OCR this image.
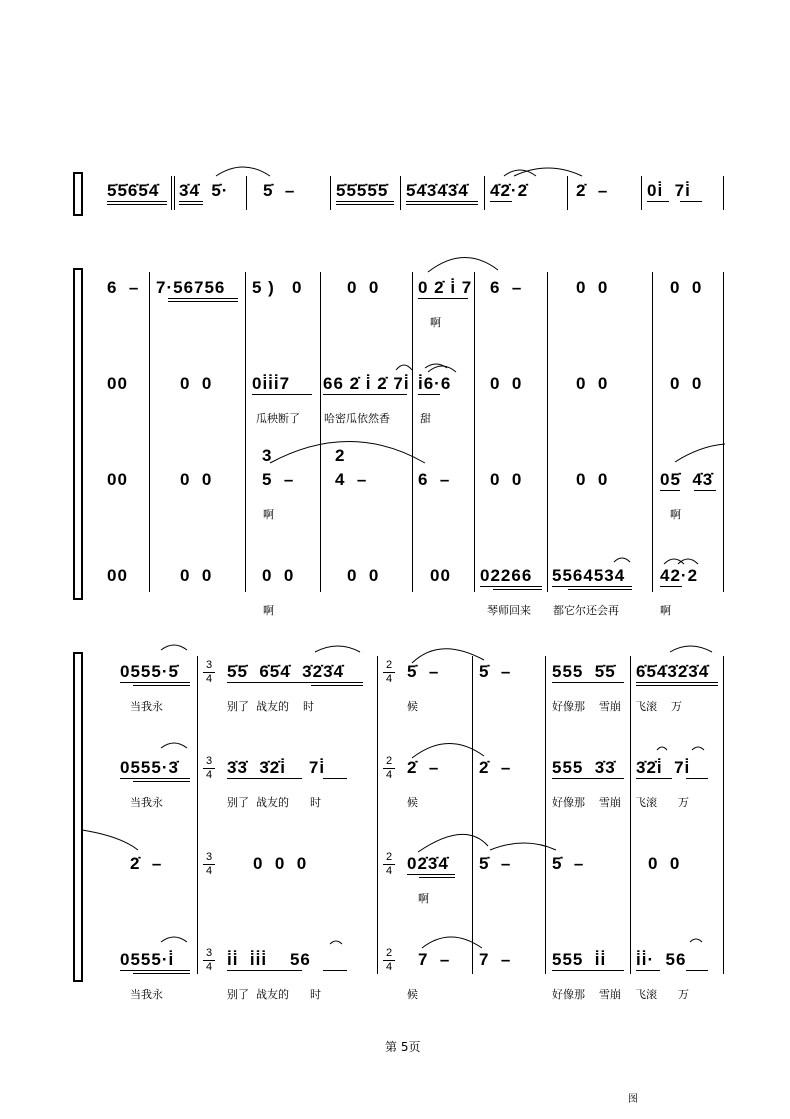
5̇5̇6̇5̇4̇ 3̇4̇  5̇· 5̇  – 5̇5̇5̇5̇5̇ 5̇4̇3̇4̇3̇4̇ 4̇2̇·2̇	2̇  – 0i̇  7i̇
6  – 7·56756 5 )   0	0  0 0 2̇ i̇ 7 6  –	0  0	0  0
啊
00	0  0 0i̇i̇i̇7 66 2̇ i̇ 2̇ 7i̇ i̇6·6 0  0	0  0	0  0
瓜秧断了 哈密瓜依然香	甜
3	2
00	0  0	5  – 4  –	6  – 0  0	0  0	05̇  4̇3̇
啊	啊
00	0  0	0  0	0  0	00 02266 5564534 42·2
啊	琴师回来 都它尔还会再	啊
3
4
3
4
3
4
3
4
2
4
2
4
2
4
2
4
0555·5̇	5̇5̇  6̇5̇4̇  3̇2̇3̇4̇	5̇  – 5̇  – 555  5̇5̇ 6̇5̇4̇3̇2̇3̇4̇
当我永	别了  战友的    时	候	好像那    雪崩    飞滚    万
0555·3̇	3̇3̇  3̇2̇i̇    7i̇	2̇  – 2̇  – 555  3̇3̇ 3̇2̇i̇  7i̇
当我永	别了  战友的      时	候	好像那    雪崩    飞滚      万
2̇  –	0  0  0	02̇3̇4̇ 5̇  – 5̇  –	0  0
啊
0555·i̇	i̇i̇  i̇i̇i̇    56	7  – 7  – 555  i̇i̇ i̇i̇·  56
当我永	别了  战友的      时	候	好像那    雪崩    飞滚      万
第 5页
图
